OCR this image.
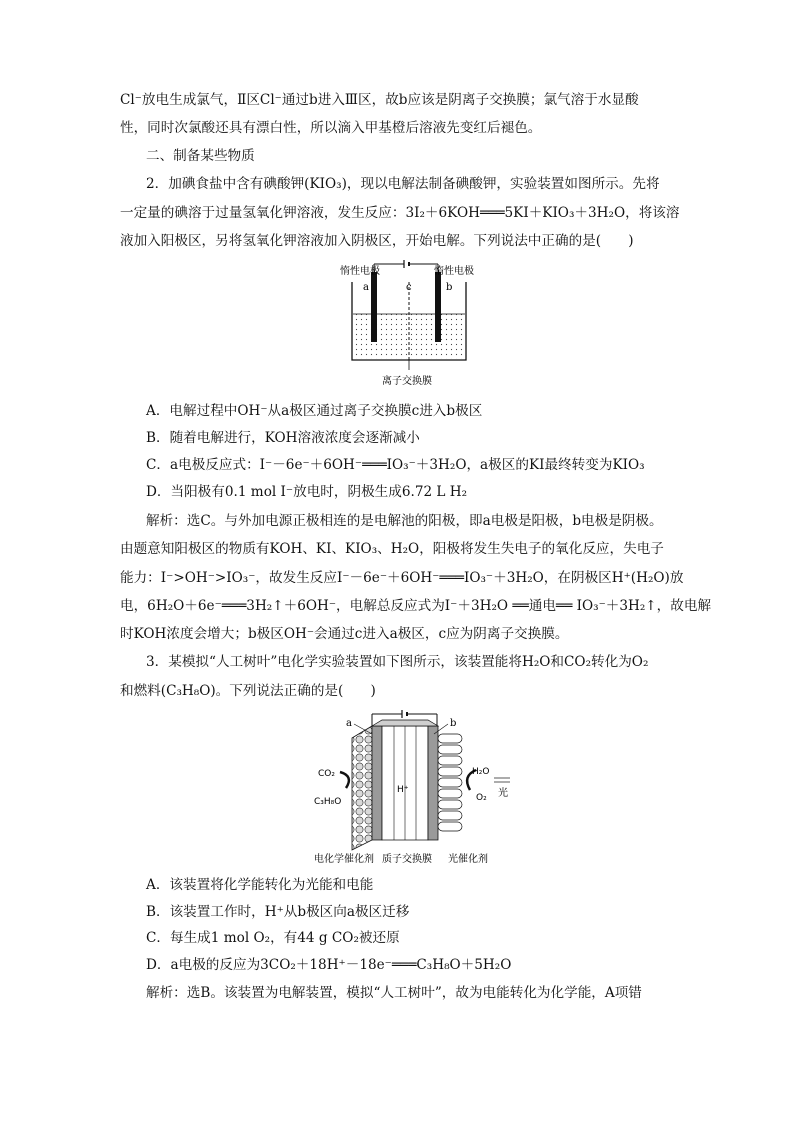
Cl⁻放电生成氯气，Ⅱ区Cl⁻通过b进入Ⅲ区，故b应该是阴离子交换膜；氯气溶于水显酸
性，同时次氯酸还具有漂白性，所以滴入甲基橙后溶液先变红后褪色。
二、制备某些物质
2．加碘食盐中含有碘酸钾(KIO₃)，现以电解法制备碘酸钾，实验装置如图所示。先将
一定量的碘溶于过量氢氧化钾溶液，发生反应：3I₂＋6KOH═══5KI＋KIO₃＋3H₂O，将该溶
液加入阳极区，另将氢氧化钾溶液加入阴极区，开始电解。下列说法中正确的是(　　)
惰性电极	惰性电极
a	c	b
离子交换膜
A．电解过程中OH⁻从a极区通过离子交换膜c进入b极区
B．随着电解进行，KOH溶液浓度会逐渐减小
C．a电极反应式：I⁻－6e⁻＋6OH⁻═══IO₃⁻＋3H₂O，a极区的KI最终转变为KIO₃
D．当阳极有0.1 mol I⁻放电时，阴极生成6.72 L H₂
解析：选C。与外加电源正极相连的是电解池的阳极，即a电极是阳极，b电极是阴极。
由题意知阳极区的物质有KOH、KI、KIO₃、H₂O，阳极将发生失电子的氧化反应，失电子
能力：I⁻>OH⁻>IO₃⁻，故发生反应I⁻－6e⁻＋6OH⁻═══IO₃⁻＋3H₂O，在阴极区H⁺(H₂O)放
电，6H₂O＋6e⁻═══3H₂↑＋6OH⁻，电解总反应式为I⁻＋3H₂O ══通电══ IO₃⁻＋3H₂↑，故电解
时KOH浓度会增大；b极区OH⁻会通过c进入a极区，c应为阴离子交换膜。
3．某模拟“人工树叶”电化学实验装置如下图所示，该装置能将H₂O和CO₂转化为O₂
和燃料(C₃H₈O)。下列说法正确的是(　　)
a	b
H⁺
CO₂
C₃H₈O
H₂O
O₂ 光
电化学催化剂 质子交换膜 光催化剂
A．该装置将化学能转化为光能和电能
B．该装置工作时，H⁺从b极区向a极区迁移
C．每生成1 mol O₂，有44 g CO₂被还原
D．a电极的反应为3CO₂＋18H⁺－18e⁻═══C₃H₈O＋5H₂O
解析：选B。该装置为电解装置，模拟“人工树叶”，故为电能转化为化学能，A项错
